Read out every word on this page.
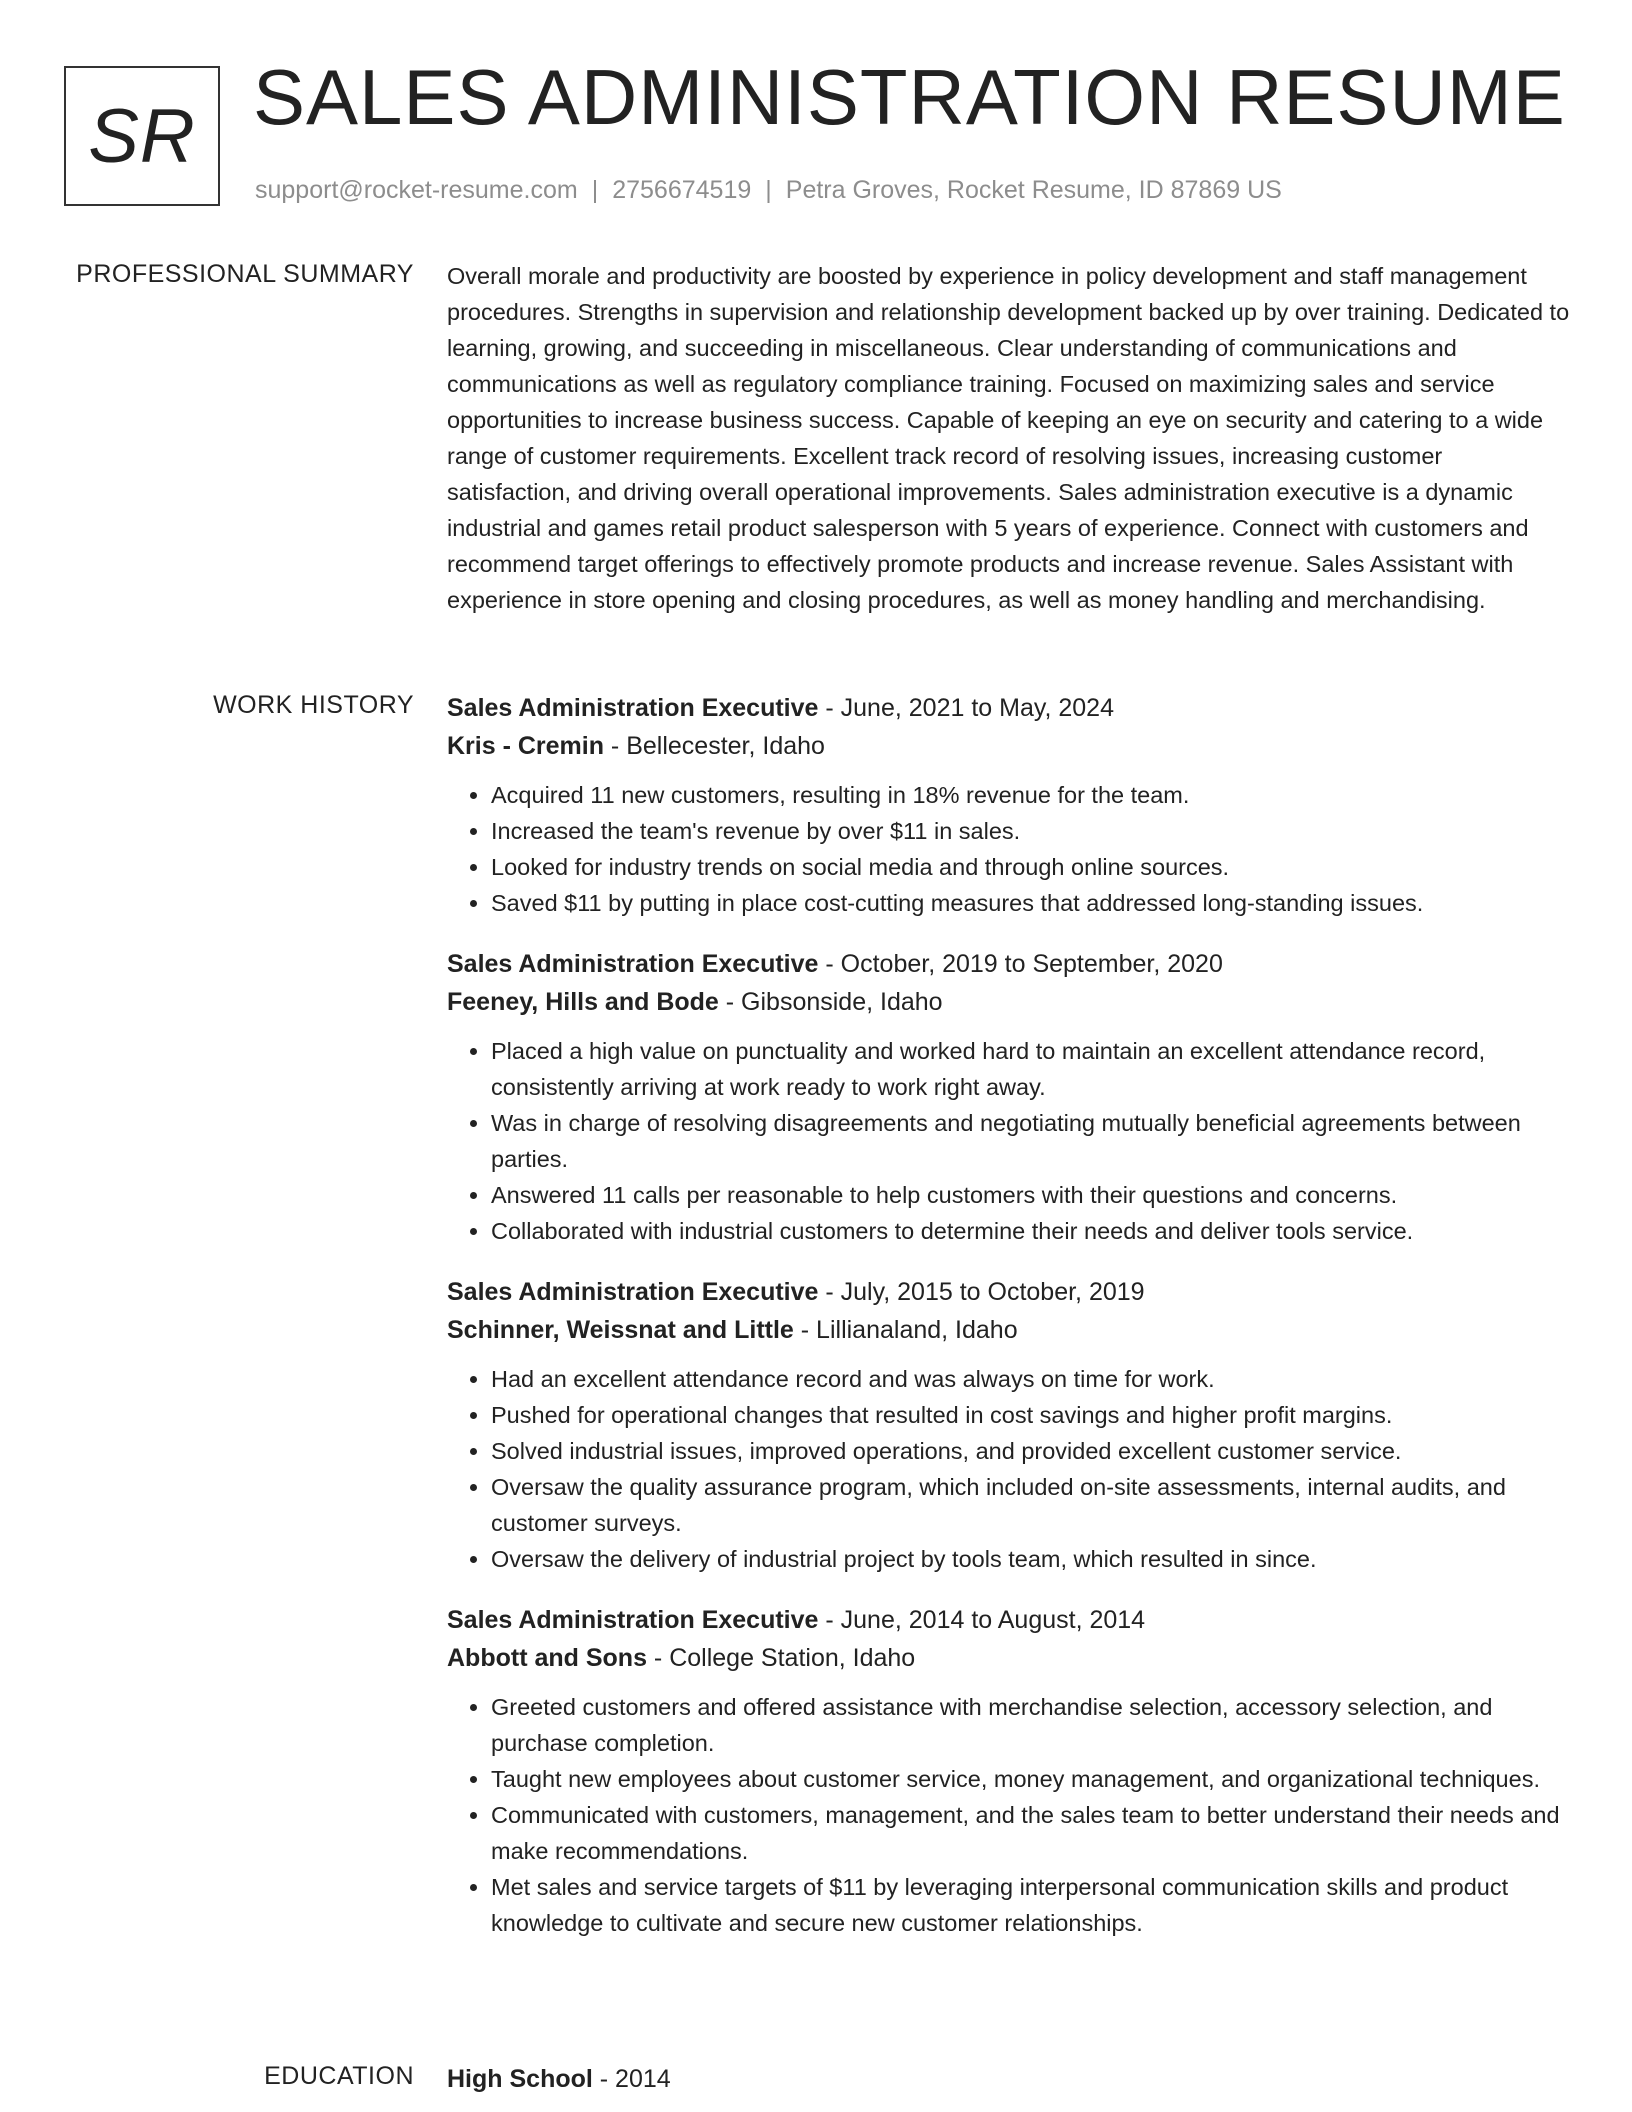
SR SALES ADMINISTRATION RESUME
support@rocket-resume.com | 2756674519 | Petra Groves, Rocket Resume, ID 87869 US
PROFESSIONAL SUMMARY Overall morale and productivity are boosted by experience in policy development and staff management procedures. Strengths in supervision and relationship development backed up by over training. Dedicated to learning, growing, and succeeding in miscellaneous. Clear understanding of communications and communications as well as regulatory compliance training. Focused on maximizing sales and service opportunities to increase business success. Capable of keeping an eye on security and catering to a wide range of customer requirements. Excellent track record of resolving issues, increasing customer satisfaction, and driving overall operational improvements. Sales administration executive is a dynamic industrial and games retail product salesperson with 5 years of experience. Connect with customers and recommend target offerings to effectively promote products and increase revenue. Sales Assistant with experience in store opening and closing procedures, as well as money handling and merchandising.

WORK HISTORY Sales Administration Executive - June, 2021 to May, 2024
Kris - Cremin - Bellecester, Idaho
• Acquired 11 new customers, resulting in 18% revenue for the team.
• Increased the team's revenue by over $11 in sales.
• Looked for industry trends on social media and through online sources.
• Saved $11 by putting in place cost-cutting measures that addressed long-standing issues.
Sales Administration Executive - October, 2019 to September, 2020
Feeney, Hills and Bode - Gibsonside, Idaho
• Placed a high value on punctuality and worked hard to maintain an excellent attendance record, consistently arriving at work ready to work right away.
• Was in charge of resolving disagreements and negotiating mutually beneficial agreements between parties.
• Answered 11 calls per reasonable to help customers with their questions and concerns.
• Collaborated with industrial customers to determine their needs and deliver tools service.
Sales Administration Executive - July, 2015 to October, 2019
Schinner, Weissnat and Little - Lillianaland, Idaho
• Had an excellent attendance record and was always on time for work.
• Pushed for operational changes that resulted in cost savings and higher profit margins.
• Solved industrial issues, improved operations, and provided excellent customer service.
• Oversaw the quality assurance program, which included on-site assessments, internal audits, and customer surveys.
• Oversaw the delivery of industrial project by tools team, which resulted in since.
Sales Administration Executive - June, 2014 to August, 2014
Abbott and Sons - College Station, Idaho
• Greeted customers and offered assistance with merchandise selection, accessory selection, and purchase completion.
• Taught new employees about customer service, money management, and organizational techniques.
• Communicated with customers, management, and the sales team to better understand their needs and make recommendations.
• Met sales and service targets of $11 by leveraging interpersonal communication skills and product knowledge to cultivate and secure new customer relationships.
EDUCATION High School - 2014
